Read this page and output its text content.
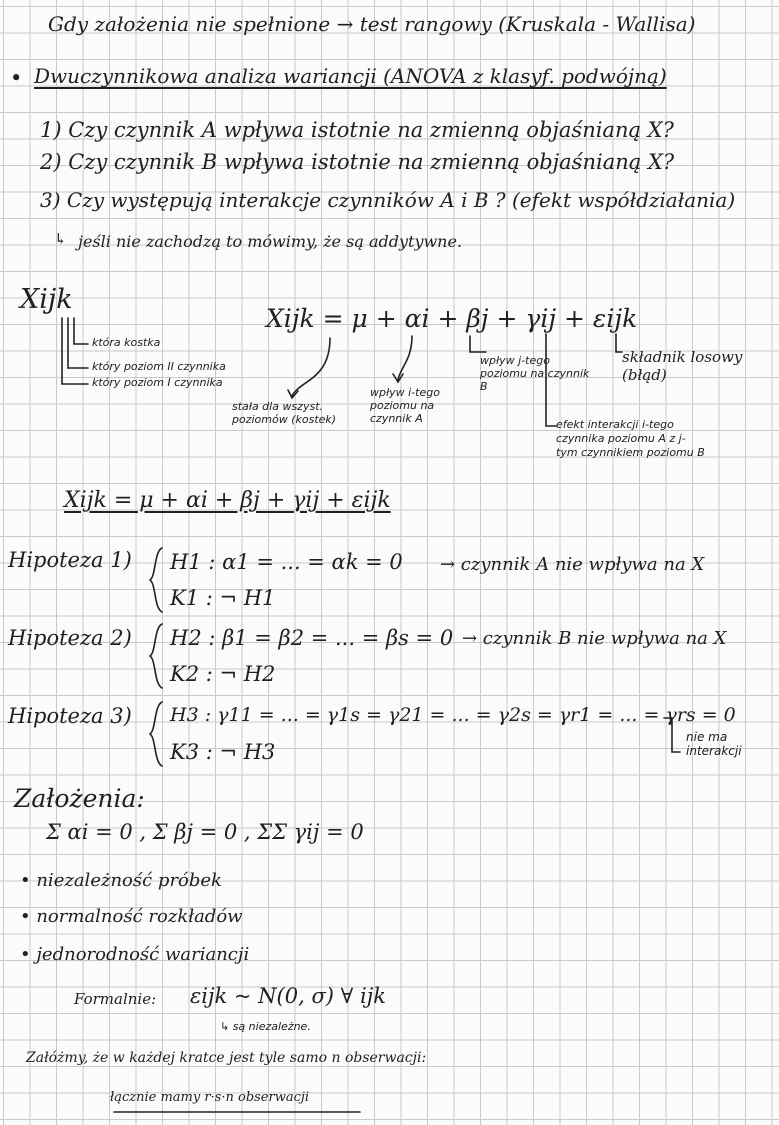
Gdy założenia nie spełnione → test rangowy (Kruskala - Wallisa)
• Dwuczynnikowa analiza wariancji (ANOVA z klasyf. podwójną)
1) Czy czynnik A wpływa istotnie na zmienną objaśnianą X?
2) Czy czynnik B wpływa istotnie na zmienną objaśnianą X?
3) Czy występują interakcje czynników A i B ? (efekt współdziałania)
↳ jeśli nie zachodzą to mówimy, że są addytywne.
Xijk
która kostka
który poziom II czynnika
który poziom I czynnika
Xijk = μ + αi + βj + γij + εijk
stała dla wszyst. poziomów (kostek)
wpływ i-tego poziomu na czynnik A
wpływ j-tego poziomu na czynnik B
składnik losowy (błąd)
efekt interakcji i-tego czynnika poziomu A z j-tym czynnikiem poziomu B
Xijk = μ + αi + βj + γij + εijk
Hipoteza 1) H1 : α1 = ... = αk = 0
K1 : ¬ H1
→ czynnik A nie wpływa na X
Hipoteza 2) H2 : β1 = β2 = ... = βs = 0
K2 : ¬ H2
→ czynnik B nie wpływa na X
Hipoteza 3) H3 : γ11 = ... = γ1s = γ21 = ... = γ2s = γr1 = ... = γrs = 0
K3 : ¬ H3
nie ma interakcji
Założenia:
Σ αi = 0 , Σ βj = 0 , ΣΣ γij = 0
• niezależność próbek
• normalność rozkładów
• jednorodność wariancji
Formalnie: εijk ~ N(0, σ) ∀ ijk
↳ są niezależne.
Załóżmy, że w każdej kratce jest tyle samo n obserwacji:
łącznie mamy r·s·n obserwacji
